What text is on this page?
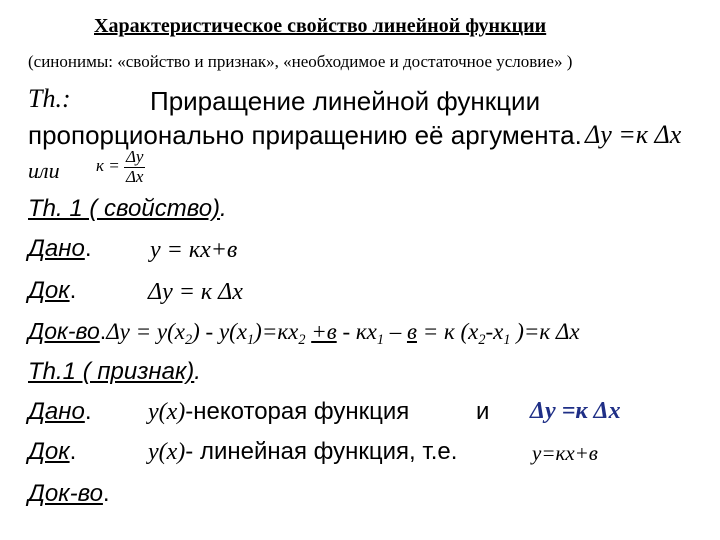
Характеристическое свойство линейной функции
(синонимы: «свойство и признак», «необходимое и достаточное условие» )
Th.:	Приращение линейной функции
пропорционально приращению её аргумента. Δy =к Δx
или $к = \frac{\Delta y}{\Delta x}$
Th. 1 ( свойство).
Дано. y = кх+в
Док.	Δy = к Δx
$Док-во.\Delta y = y(x_2) - y(x_1)=кх_2 +в - кх_1 - в = к$ ($х_2-х_1$ )=к Δx
Th.1 ( признак).
Дано. y(x)-некоторая функция	и Δy =к Δx
Док.	y(x)- линейная функция, т.е.	y=кх+в
Док-во.
